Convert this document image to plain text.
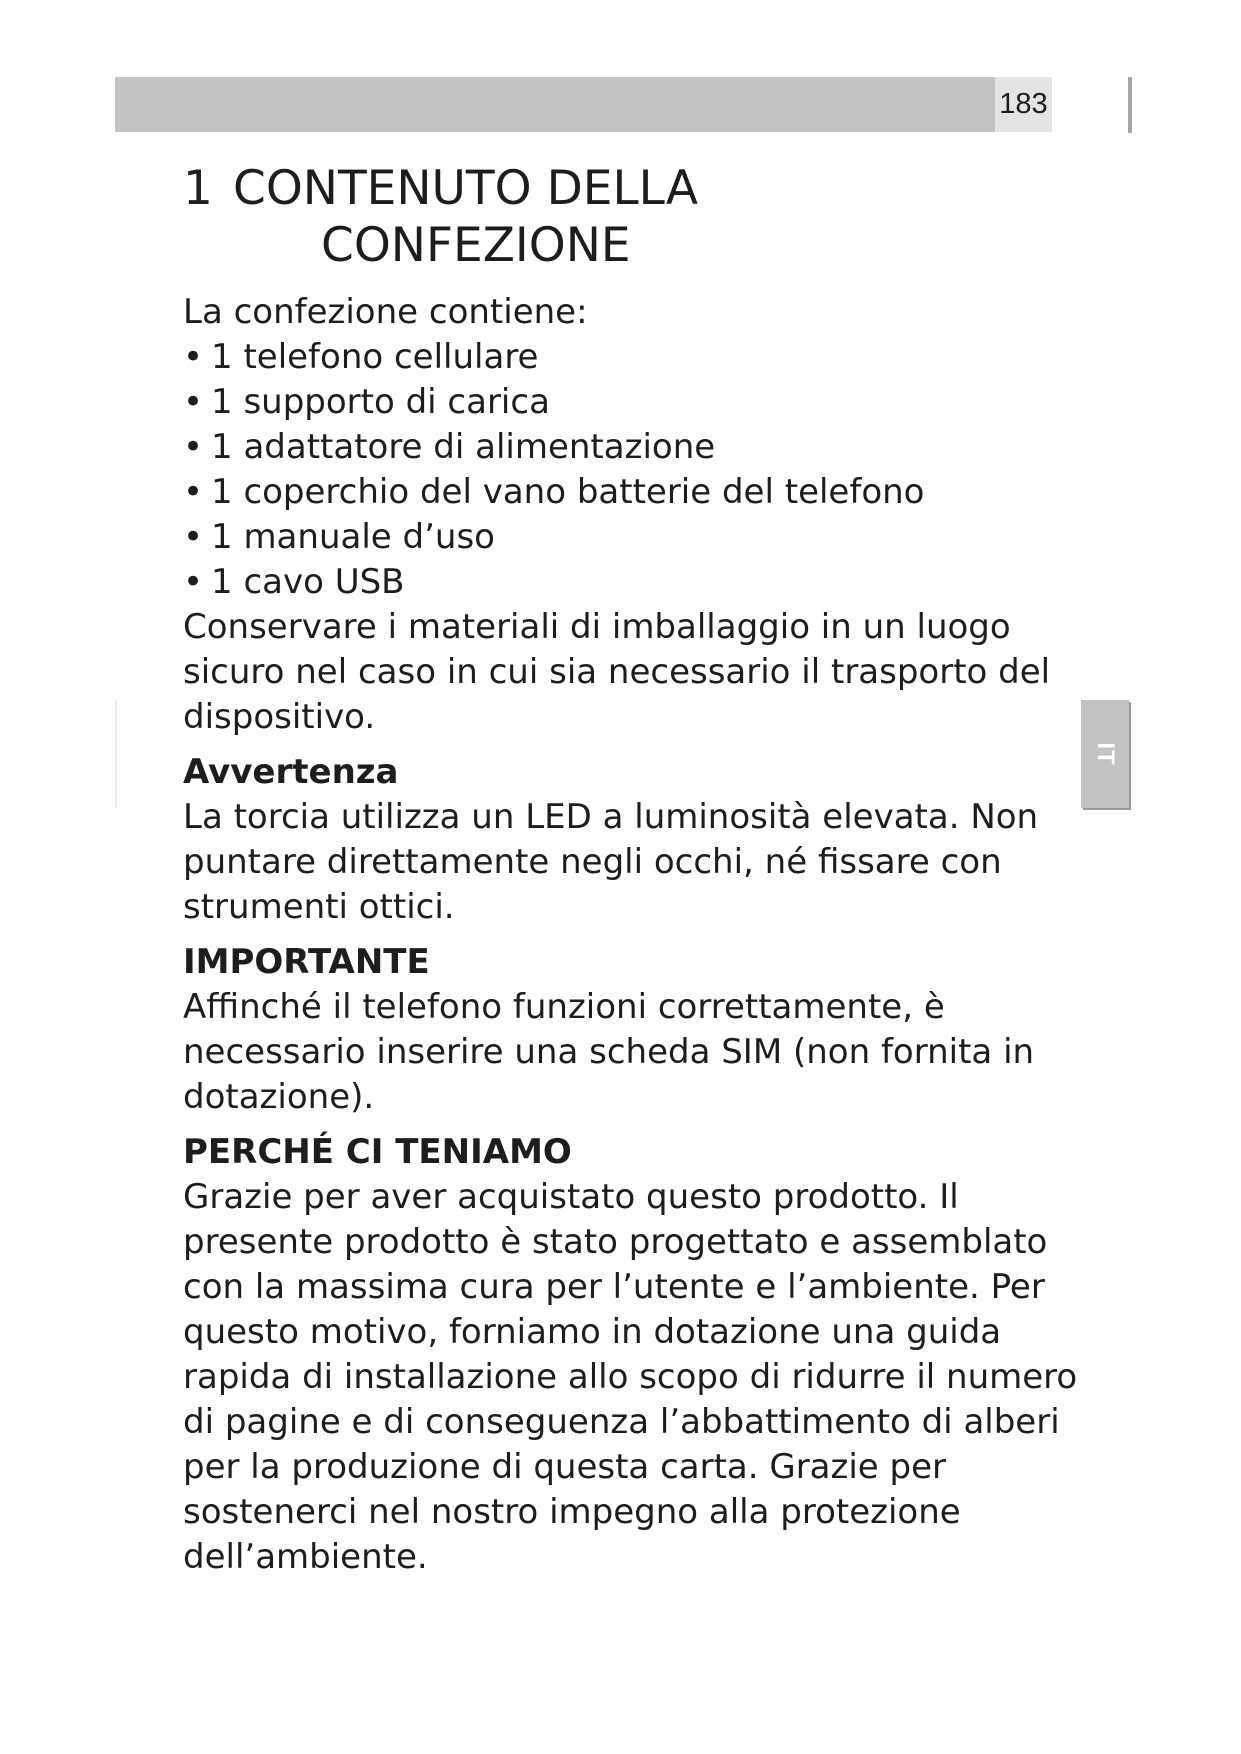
183
IT
1 CONTENUTO DELLA
CONFEZIONE

La confezione contiene:

• 1 telefono cellulare
• 1 supporto di carica
• 1 adattatore di alimentazione
• 1 coperchio del vano batterie del telefono
• 1 manuale d’uso
• 1 cavo USB

Conservare i materiali di imballaggio in un luogo sicuro nel caso in cui sia necessario il trasporto del dispositivo.

Avvertenza

La torcia utilizza un LED a luminosità elevata. Non puntare direttamente negli occhi, né fissare con strumenti ottici.

IMPORTANTE

Affinché il telefono funzioni correttamente, è necessario inserire una scheda SIM (non fornita in dotazione).

PERCHÉ CI TENIAMO

Grazie per aver acquistato questo prodotto. Il presente prodotto è stato progettato e assemblato con la massima cura per l’utente e l’ambiente. Per questo motivo, forniamo in dotazione una guida rapida di installazione allo scopo di ridurre il numero di pagine e di conseguenza l’abbattimento di alberi per la produzione di questa carta. Grazie per sostenerci nel nostro impegno alla protezione dell’ambiente.
